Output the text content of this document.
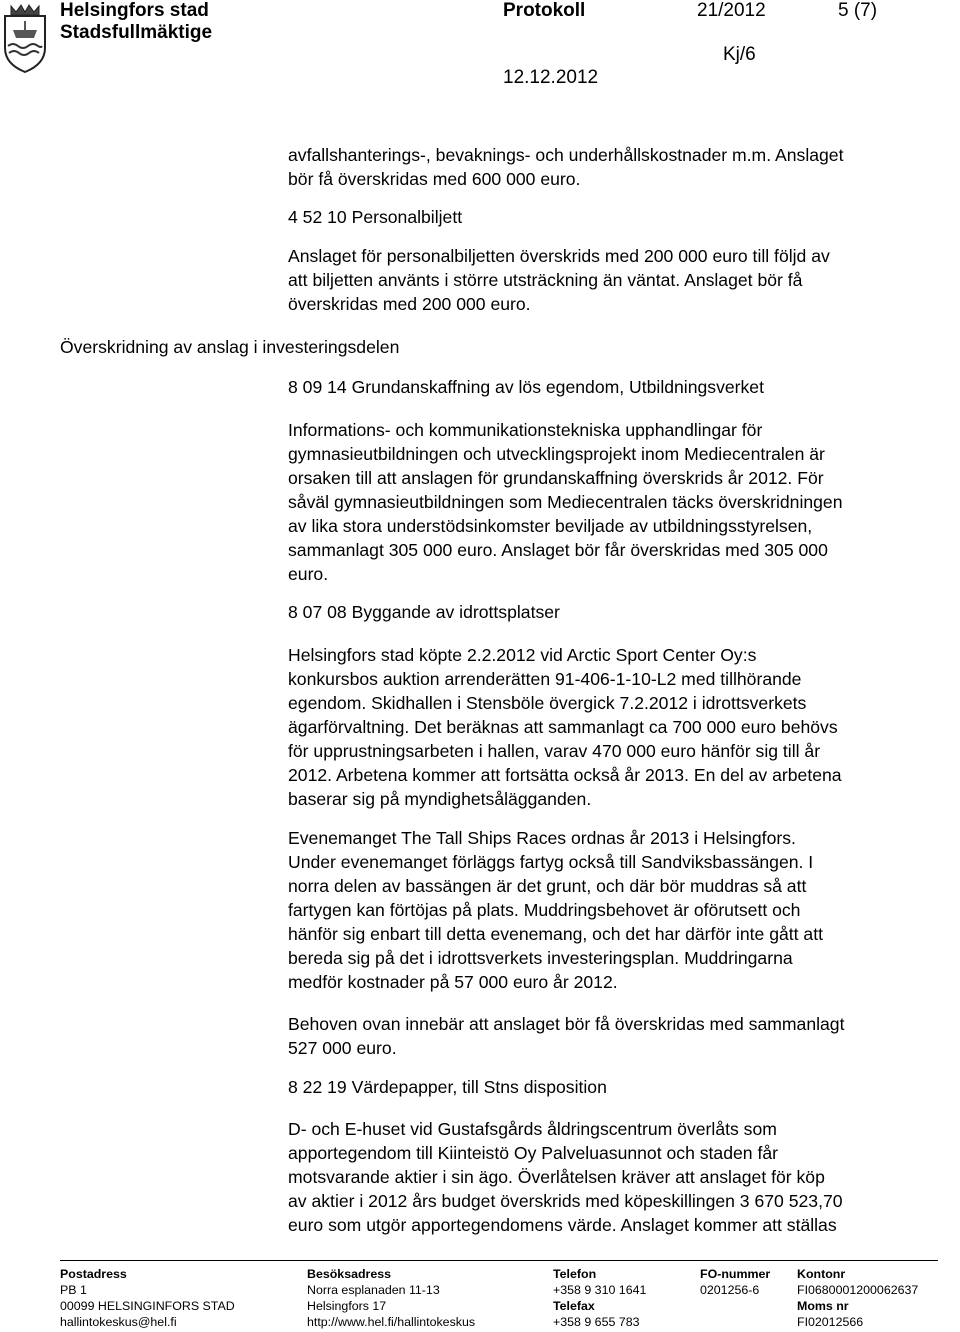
Helsingfors stad
Stadsfullmäktige
Protokoll	21/2012	5 (7)
Kj/6
12.12.2012
Överskridning av anslag i investeringsdelen
avfallshanterings-, bevaknings- och underhållskostnader m.m. Anslaget
bör få överskridas med 600 000 euro.
4 52 10 Personalbiljett
Anslaget för personalbiljetten överskrids med 200 000 euro till följd av
att biljetten använts i större utsträckning än väntat. Anslaget bör få
överskridas med 200 000 euro.
8 09 14 Grundanskaffning av lös egendom, Utbildningsverket
Informations- och kommunikationstekniska upphandlingar för
gymnasieutbildningen och utvecklingsprojekt inom Mediecentralen är
orsaken till att anslagen för grundanskaffning överskrids år 2012. För
såväl gymnasieutbildningen som Mediecentralen täcks överskridningen
av lika stora understödsinkomster beviljade av utbildningsstyrelsen,
sammanlagt 305 000 euro. Anslaget bör får överskridas med 305 000
euro.
8 07 08 Byggande av idrottsplatser
Helsingfors stad köpte 2.2.2012 vid Arctic Sport Center Oy:s
konkursbos auktion arrenderätten 91-406-1-10-L2 med tillhörande
egendom. Skidhallen i Stensböle övergick 7.2.2012 i idrottsverkets
ägarförvaltning. Det beräknas att sammanlagt ca 700 000 euro behövs
för upprustningsarbeten i hallen, varav 470 000 euro hänför sig till år
2012. Arbetena kommer att fortsätta också år 2013. En del av arbetena
baserar sig på myndighetsålägganden.
Evenemanget The Tall Ships Races ordnas år 2013 i Helsingfors.
Under evenemanget förläggs fartyg också till Sandviksbassängen. I
norra delen av bassängen är det grunt, och där bör muddras så att
fartygen kan förtöjas på plats. Muddringsbehovet är oförutsett och
hänför sig enbart till detta evenemang, och det har därför inte gått att
bereda sig på det i idrottsverkets investeringsplan. Muddringarna
medför kostnader på 57 000 euro år 2012.
Behoven ovan innebär att anslaget bör få överskridas med sammanlagt
527 000 euro.
8 22 19 Värdepapper, till Stns disposition
D- och E-huset vid Gustafsgårds åldringscentrum överlåts som
apportegendom till Kiinteistö Oy Palveluasunnot och staden får
motsvarande aktier i sin ägo. Överlåtelsen kräver att anslaget för köp
av aktier i 2012 års budget överskrids med köpeskillingen 3 670 523,70
euro som utgör apportegendomens värde. Anslaget kommer att ställas
Postadress
PB 1
00099 HELSINGINFORS STAD
hallintokeskus@hel.fi
Besöksadress
Norra esplanaden 11-13
Helsingfors 17
http://www.hel.fi/hallintokeskus
Telefon
+358 9 310 1641
Telefax
+358 9 655 783
FO-nummer
0201256-6
Kontonr
FI0680001200062637
Moms nr
FI02012566
